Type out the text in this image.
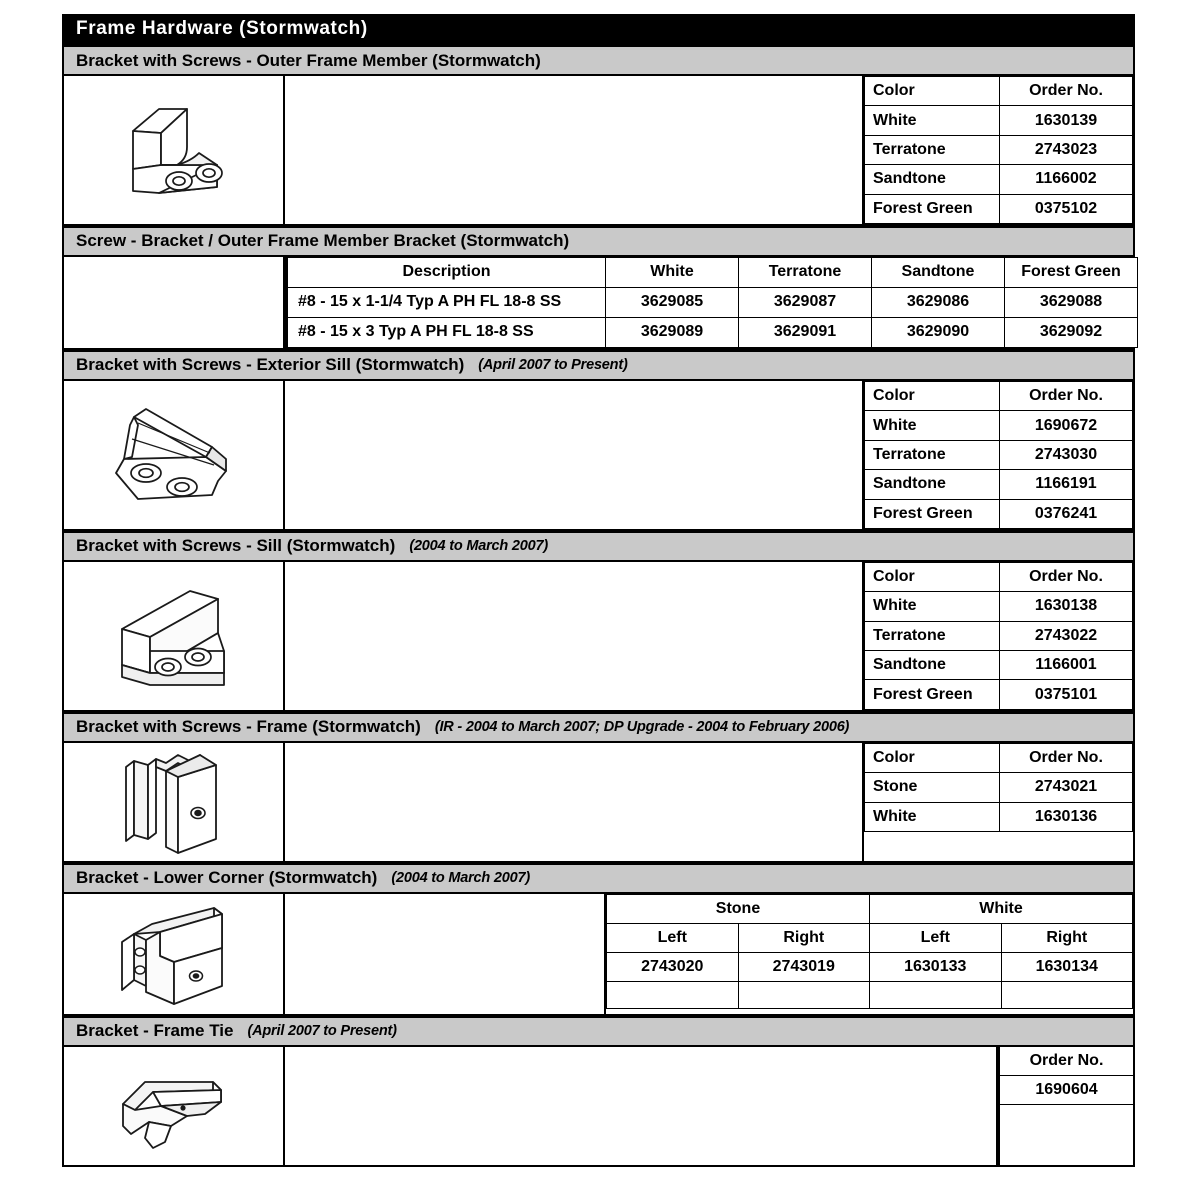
Frame Hardware (Stormwatch)
Bracket with Screws - Outer Frame Member (Stormwatch)
Color	Order No.
White	1630139
Terratone	2743023
Sandtone	1166002
Forest Green	0375102
Screw - Bracket / Outer Frame Member Bracket (Stormwatch)
Description	White	Terratone	Sandtone	Forest Green
#8 - 15 x 1-1/4 Typ A PH FL 18-8 SS	3629085	3629087	3629086	3629088
#8 - 15 x 3 Typ A PH FL 18-8 SS	3629089	3629091	3629090	3629092
Bracket with Screws - Exterior Sill (Stormwatch) (April 2007 to Present)
Color	Order No.
White	1690672
Terratone	2743030
Sandtone	1166191
Forest Green	0376241
Bracket with Screws - Sill (Stormwatch) (2004 to March 2007)
Color	Order No.
White	1630138
Terratone	2743022
Sandtone	1166001
Forest Green	0375101
Bracket with Screws - Frame (Stormwatch) (IR - 2004 to March 2007; DP Upgrade - 2004 to February 2006)
Color	Order No.
Stone	2743021
White	1630136

Bracket - Lower Corner (Stormwatch) (2004 to March 2007)
Stone		White	
Left	Right	Left	Right
2743020	2743019	1630133	1630134

Bracket - Frame Tie (April 2007 to Present)
Order No.
1690604
